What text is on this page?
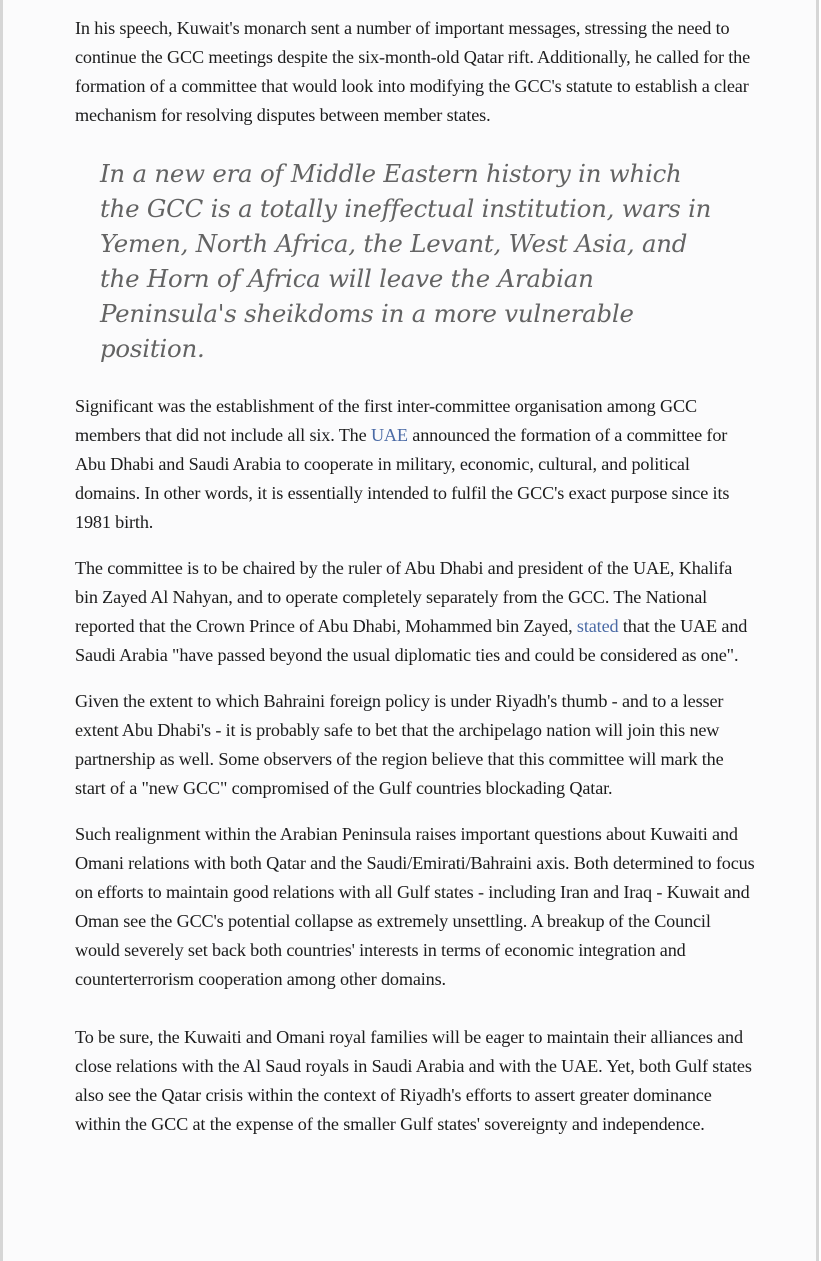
In his speech, Kuwait's monarch sent a number of important messages, stressing the need to continue the GCC meetings despite the six-month-old Qatar rift. Additionally, he called for the formation of a committee that would look into modifying the GCC's statute to establish a clear mechanism for resolving disputes between member states.

In a new era of Middle Eastern history in which the GCC is a totally ineffectual institution, wars in Yemen, North Africa, the Levant, West Asia, and the Horn of Africa will leave the Arabian Peninsula's sheikdoms in a more vulnerable position.

Significant was the establishment of the first inter-committee organisation among GCC members that did not include all six. The UAE announced the formation of a committee for Abu Dhabi and Saudi Arabia to cooperate in military, economic, cultural, and political domains. In other words, it is essentially intended to fulfil the GCC's exact purpose since its 1981 birth.

The committee is to be chaired by the ruler of Abu Dhabi and president of the UAE, Khalifa bin Zayed Al Nahyan, and to operate completely separately from the GCC. The National reported that the Crown Prince of Abu Dhabi, Mohammed bin Zayed, stated that the UAE and Saudi Arabia "have passed beyond the usual diplomatic ties and could be considered as one".

Given the extent to which Bahraini foreign policy is under Riyadh's thumb - and to a lesser extent Abu Dhabi's - it is probably safe to bet that the archipelago nation will join this new partnership as well. Some observers of the region believe that this committee will mark the start of a "new GCC" compromised of the Gulf countries blockading Qatar.

Such realignment within the Arabian Peninsula raises important questions about Kuwaiti and Omani relations with both Qatar and the Saudi/Emirati/Bahraini axis. Both determined to focus on efforts to maintain good relations with all Gulf states - including Iran and Iraq - Kuwait and Oman see the GCC's potential collapse as extremely unsettling. A breakup of the Council would severely set back both countries' interests in terms of economic integration and counterterrorism cooperation among other domains.

To be sure, the Kuwaiti and Omani royal families will be eager to maintain their alliances and close relations with the Al Saud royals in Saudi Arabia and with the UAE. Yet, both Gulf states also see the Qatar crisis within the context of Riyadh's efforts to assert greater dominance within the GCC at the expense of the smaller Gulf states' sovereignty and independence.
